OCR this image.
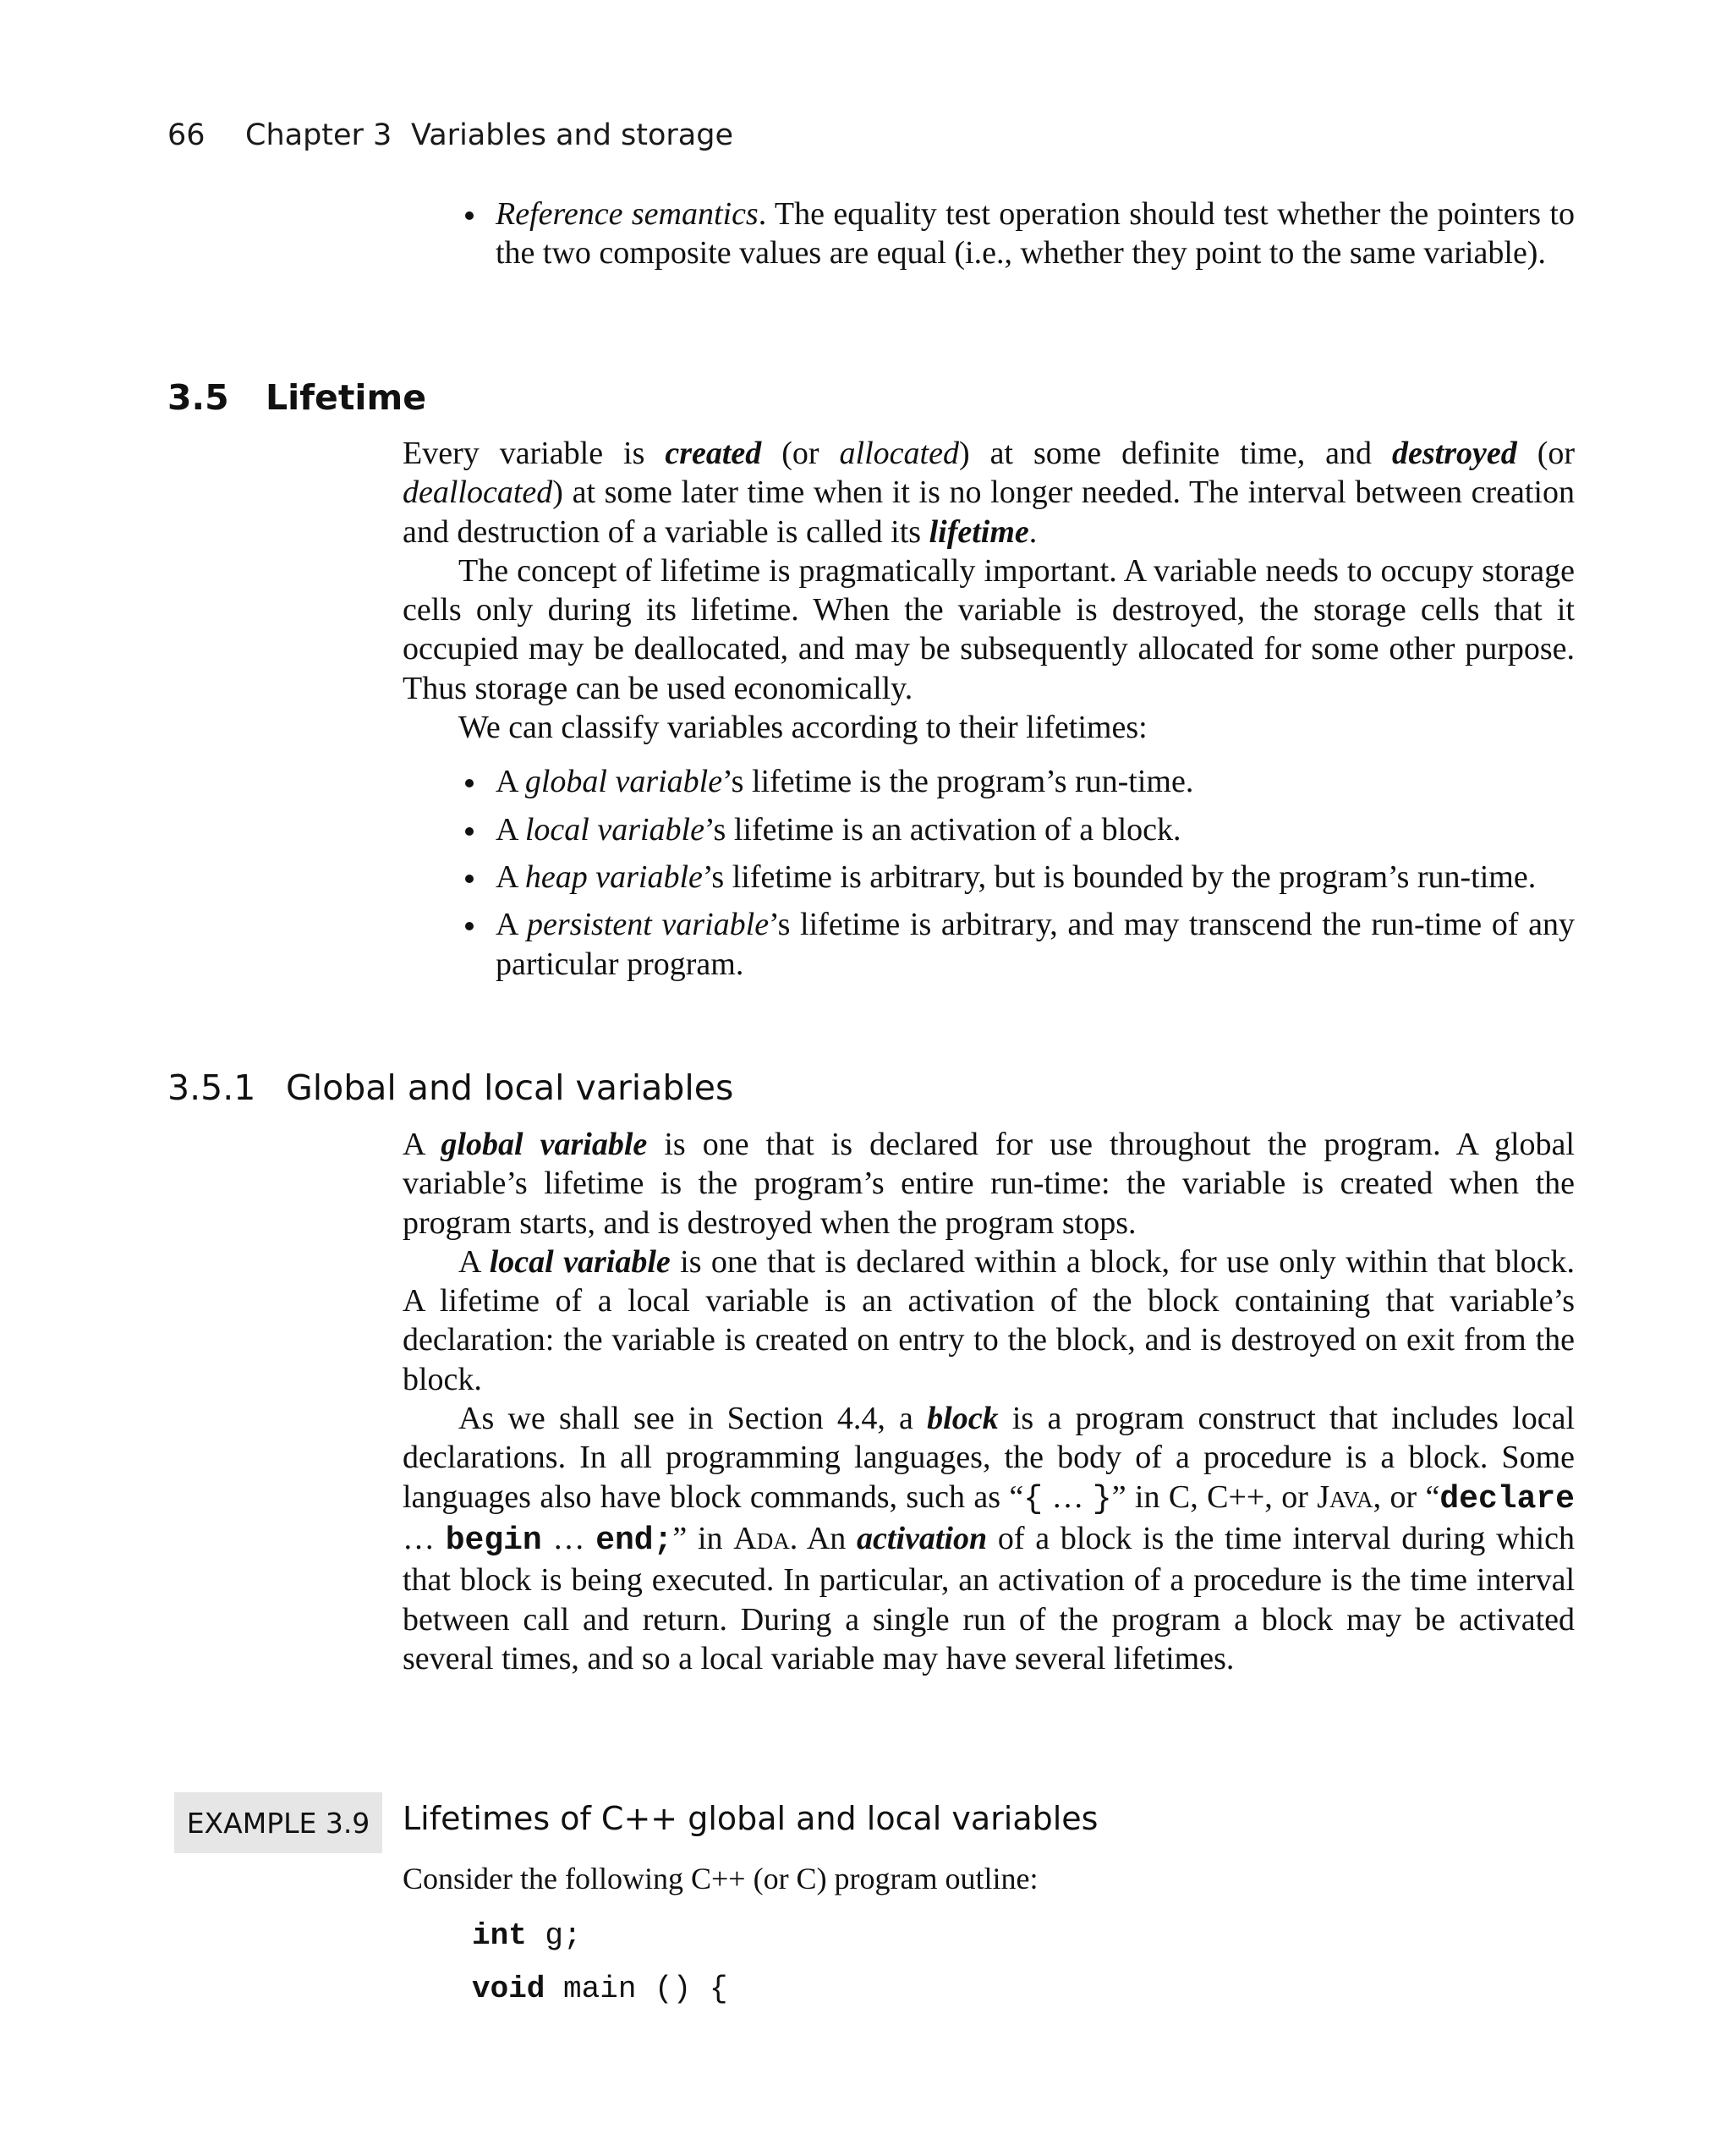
66 Chapter 3 Variables and storage
Reference semantics. The equality test operation should test whether the pointers to the two composite values are equal (i.e., whether they point to the same variable).
3.5 Lifetime

Every variable is created (or allocated) at some definite time, and destroyed (or deallocated) at some later time when it is no longer needed. The interval between creation and destruction of a variable is called its lifetime.

The concept of lifetime is pragmatically important. A variable needs to occupy storage cells only during its lifetime. When the variable is destroyed, the storage cells that it occupied may be deallocated, and may be subsequently allocated for some other purpose. Thus storage can be used economically.

We can classify variables according to their lifetimes:

A global variable’s lifetime is the program’s run-time.
A local variable’s lifetime is an activation of a block.
A heap variable’s lifetime is arbitrary, but is bounded by the program’s run-time.
A persistent variable’s lifetime is arbitrary, and may transcend the run-time of any particular program.
3.5.1 Global and local variables

A global variable is one that is declared for use throughout the program. A global variable’s lifetime is the program’s entire run-time: the variable is created when the program starts, and is destroyed when the program stops.

A local variable is one that is declared within a block, for use only within that block. A lifetime of a local variable is an activation of the block containing that variable’s declaration: the variable is created on entry to the block, and is destroyed on exit from the block.

As we shall see in Section 4.4, a block is a program construct that includes local declarations. In all programming languages, the body of a procedure is a block. Some languages also have block commands, such as “{ … }” in C, C++, or Java, or “declare … begin … end;” in Ada. An activation of a block is the time interval during which that block is being executed. In particular, an activation of a procedure is the time interval between call and return. During a single run of the program a block may be activated several times, and so a local variable may have several lifetimes.

EXAMPLE 3.9	Lifetimes of C++ global and local variables

Consider the following C++ (or C) program outline:

int g;
void main () {
